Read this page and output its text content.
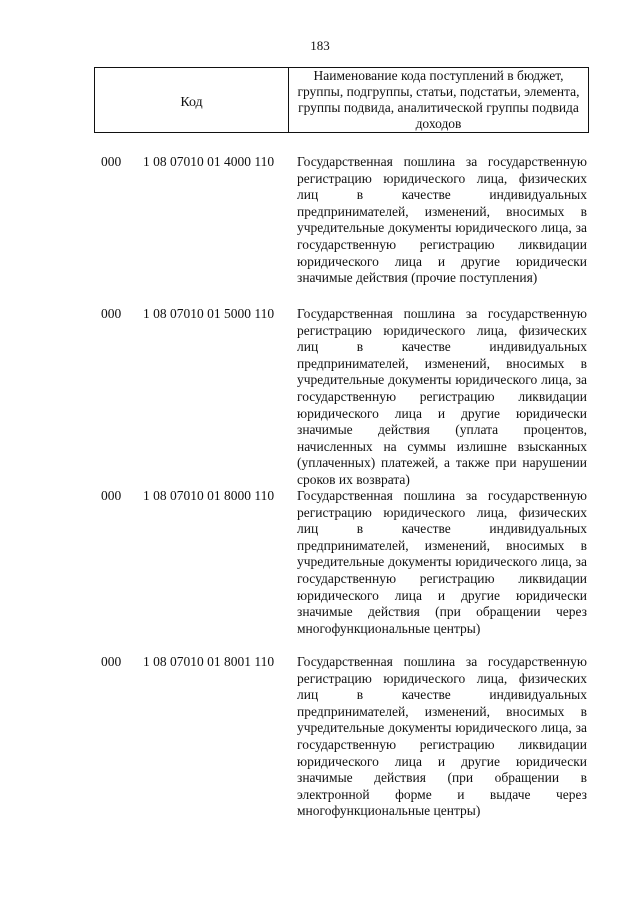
183
Код
Наименование кода поступлений в бюджет, группы, подгруппы, статьи, подстатьи, элемента, группы подвида, аналитической группы подвида доходов
000 1 08 07010 01 4000 110 Государственная пошлина за государственную регистрацию юридического лица, физических лиц в качестве индивидуальных предпринимателей, изменений, вносимых в учредительные документы юридического лица, за государственную регистрацию ликвидации юридического лица и другие юридически значимые действия (прочие поступления)
000 1 08 07010 01 5000 110 Государственная пошлина за государственную регистрацию юридического лица, физических лиц в качестве индивидуальных предпринимателей, изменений, вносимых в учредительные документы юридического лица, за государственную регистрацию ликвидации юридического лица и другие юридически значимые действия (уплата процентов, начисленных на суммы излишне взысканных (уплаченных) платежей, а также при нарушении сроков их возврата)
000 1 08 07010 01 8000 110 Государственная пошлина за государственную регистрацию юридического лица, физических лиц в качестве индивидуальных предпринимателей, изменений, вносимых в учредительные документы юридического лица, за государственную регистрацию ликвидации юридического лица и другие юридически значимые действия (при обращении через многофункциональные центры)
000 1 08 07010 01 8001 110 Государственная пошлина за государственную регистрацию юридического лица, физических лиц в качестве индивидуальных предпринимателей, изменений, вносимых в учредительные документы юридического лица, за государственную регистрацию ликвидации юридического лица и другие юридически значимые действия (при обращении в электронной форме и выдаче через многофункциональные центры)
